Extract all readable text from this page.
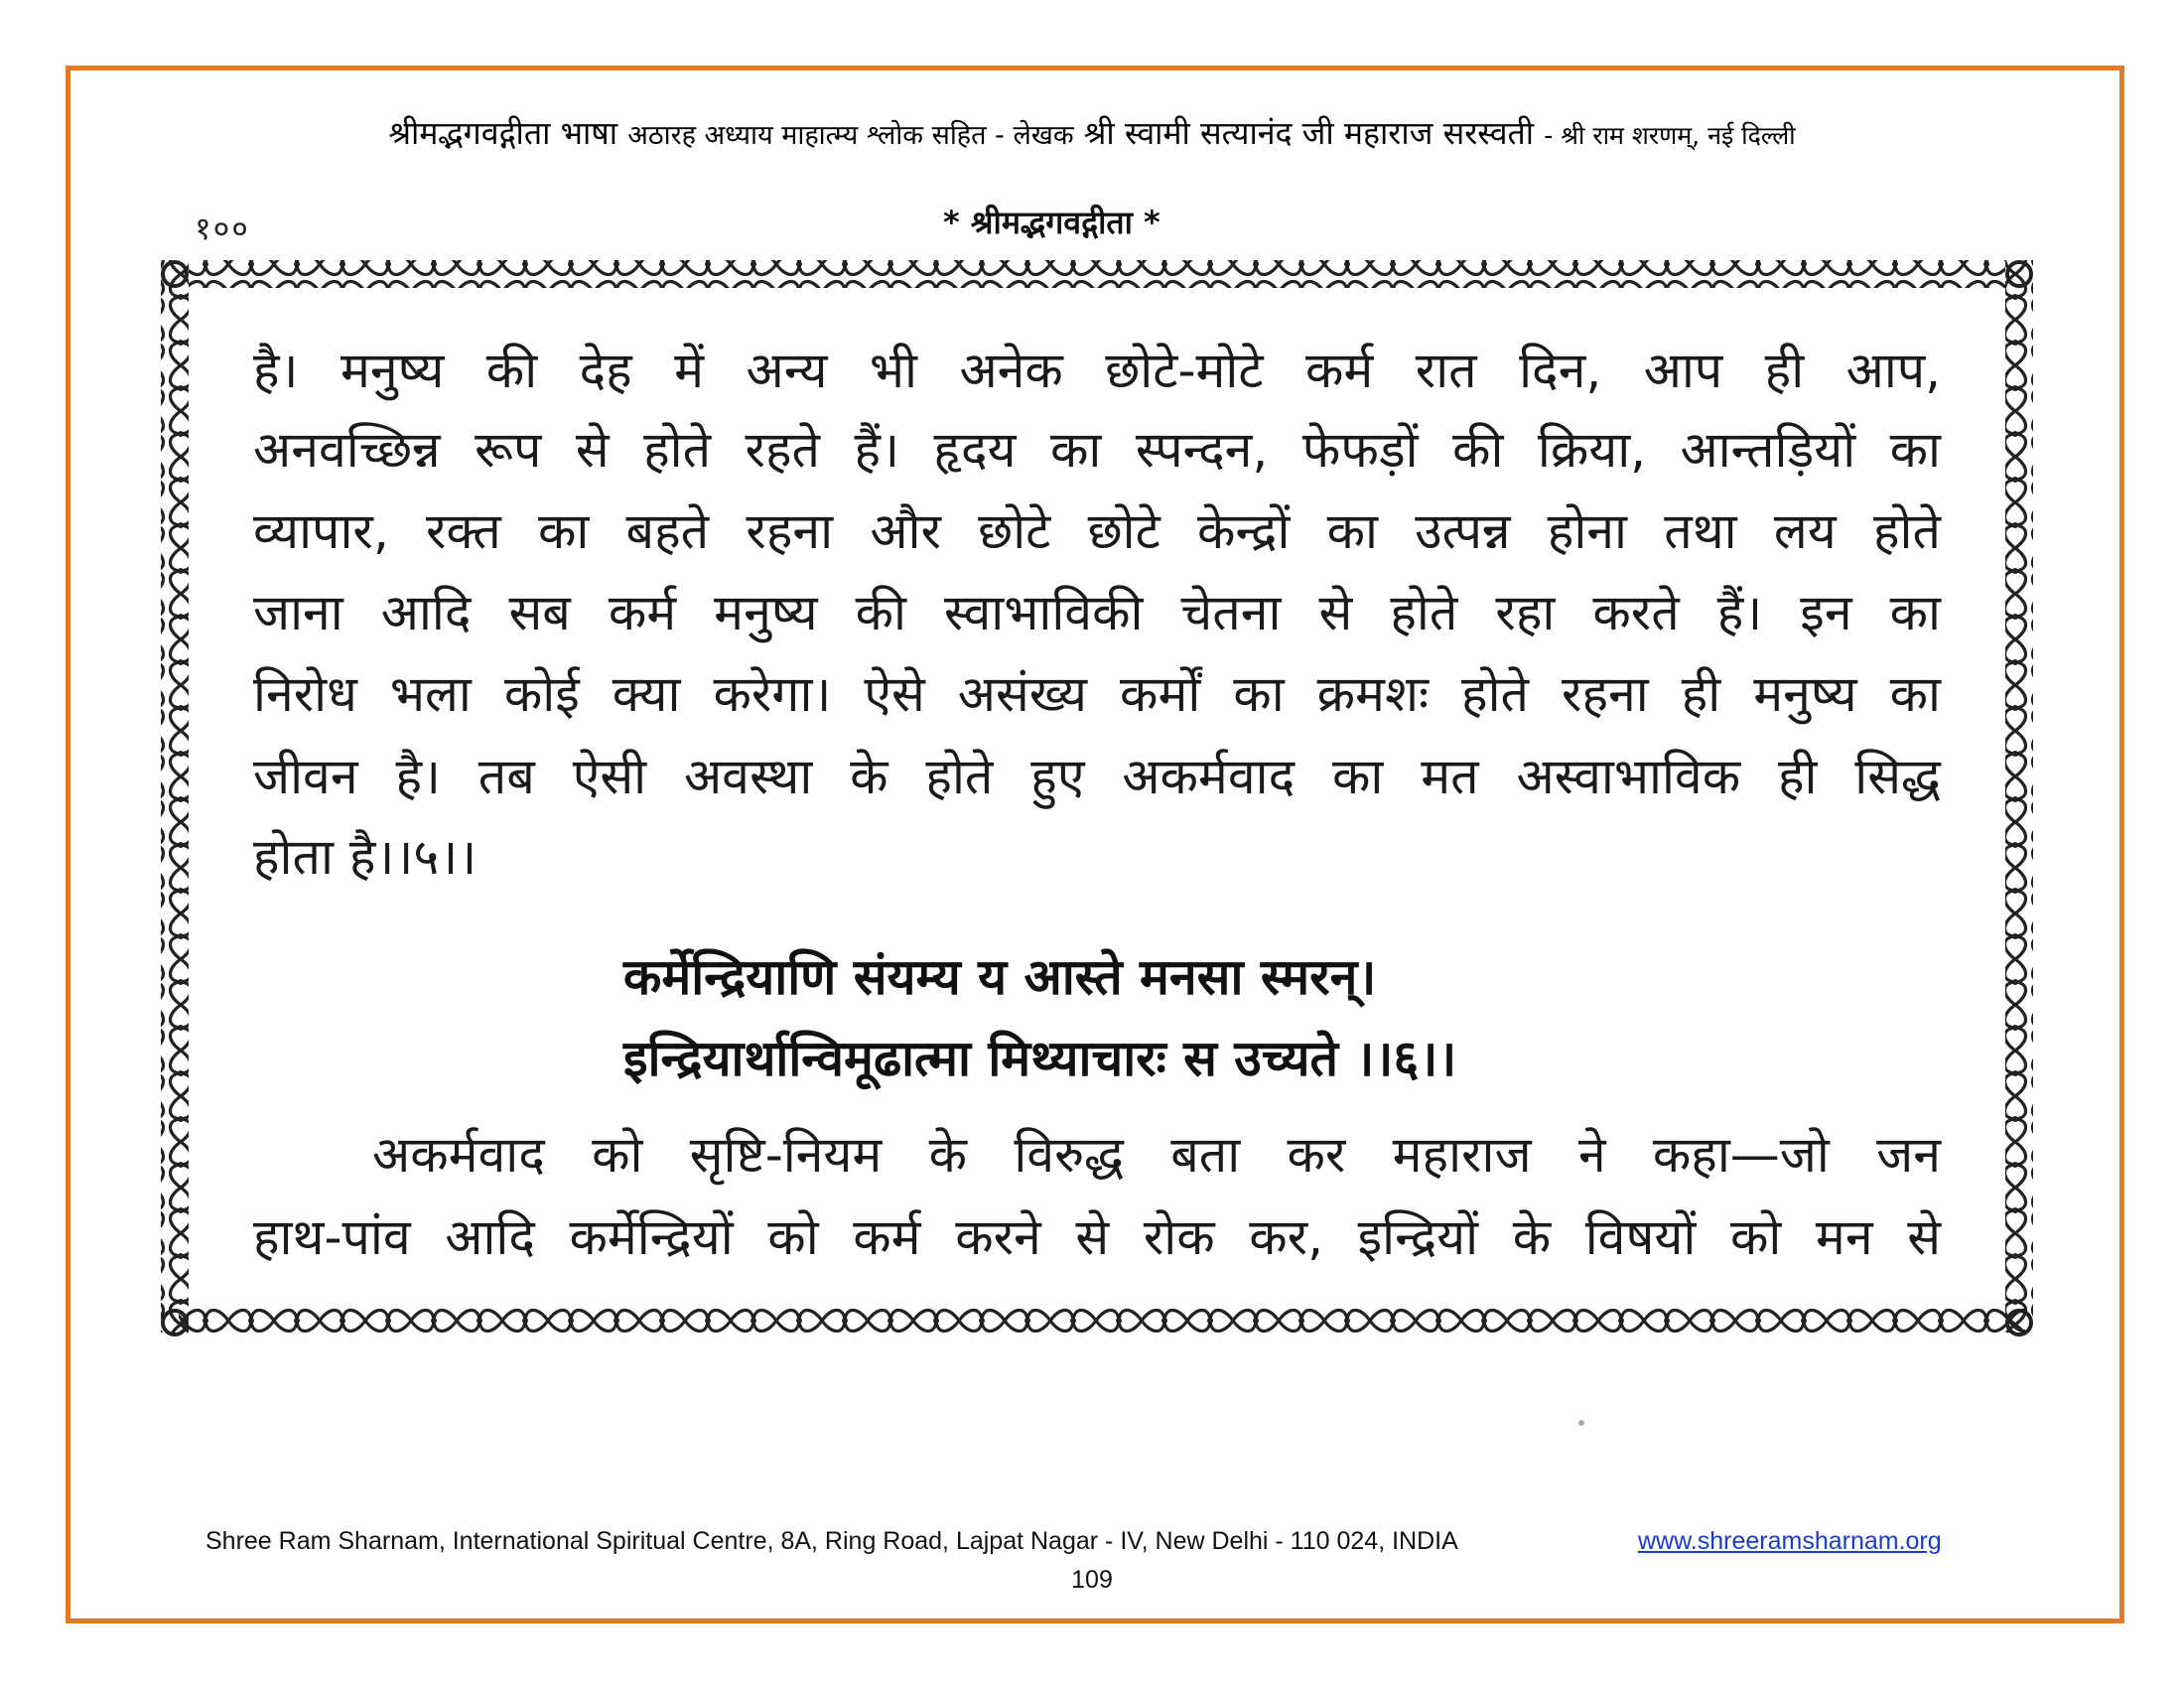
श्रीमद्भगवद्गीता भाषा अठारह अध्याय माहात्म्य श्लोक सहित - लेखक श्री स्वामी सत्यानंद जी महाराज सरस्वती - श्री राम शरणम्, नई दिल्ली
१००	* श्रीमद्भगवद्गीता *
है। मनुष्य की देह में अन्य भी अनेक छोटे-मोटे कर्म रात दिन, आप ही आप,
अनवच्छिन्न रूप से होते रहते हैं। हृदय का स्पन्दन, फेफड़ों की क्रिया, आन्तड़ियों का
व्यापार, रक्त का बहते रहना और छोटे छोटे केन्द्रों का उत्पन्न होना तथा लय होते
जाना आदि सब कर्म मनुष्य की स्वाभाविकी चेतना से होते रहा करते हैं। इन का
निरोध भला कोई क्या करेगा। ऐसे असंख्य कर्मों का क्रमशः होते रहना ही मनुष्य का
जीवन है। तब ऐसी अवस्था के होते हुए अकर्मवाद का मत अस्वाभाविक ही सिद्ध
होता है।।५।।
कर्मेन्द्रियाणि संयम्य य आस्ते मनसा स्मरन्।
इन्द्रियार्थान्विमूढात्मा मिथ्याचारः स उच्यते ।।६।।
अकर्मवाद को सृष्टि-नियम के विरुद्ध बता कर महाराज ने कहा—जो जन
हाथ-पांव आदि कर्मेन्द्रियों को कर्म करने से रोक कर, इन्द्रियों के विषयों को मन से
Shree Ram Sharnam, International Spiritual Centre, 8A, Ring Road, Lajpat Nagar - IV, New Delhi - 110 024, INDIA	www.shreeramsharnam.org
109
